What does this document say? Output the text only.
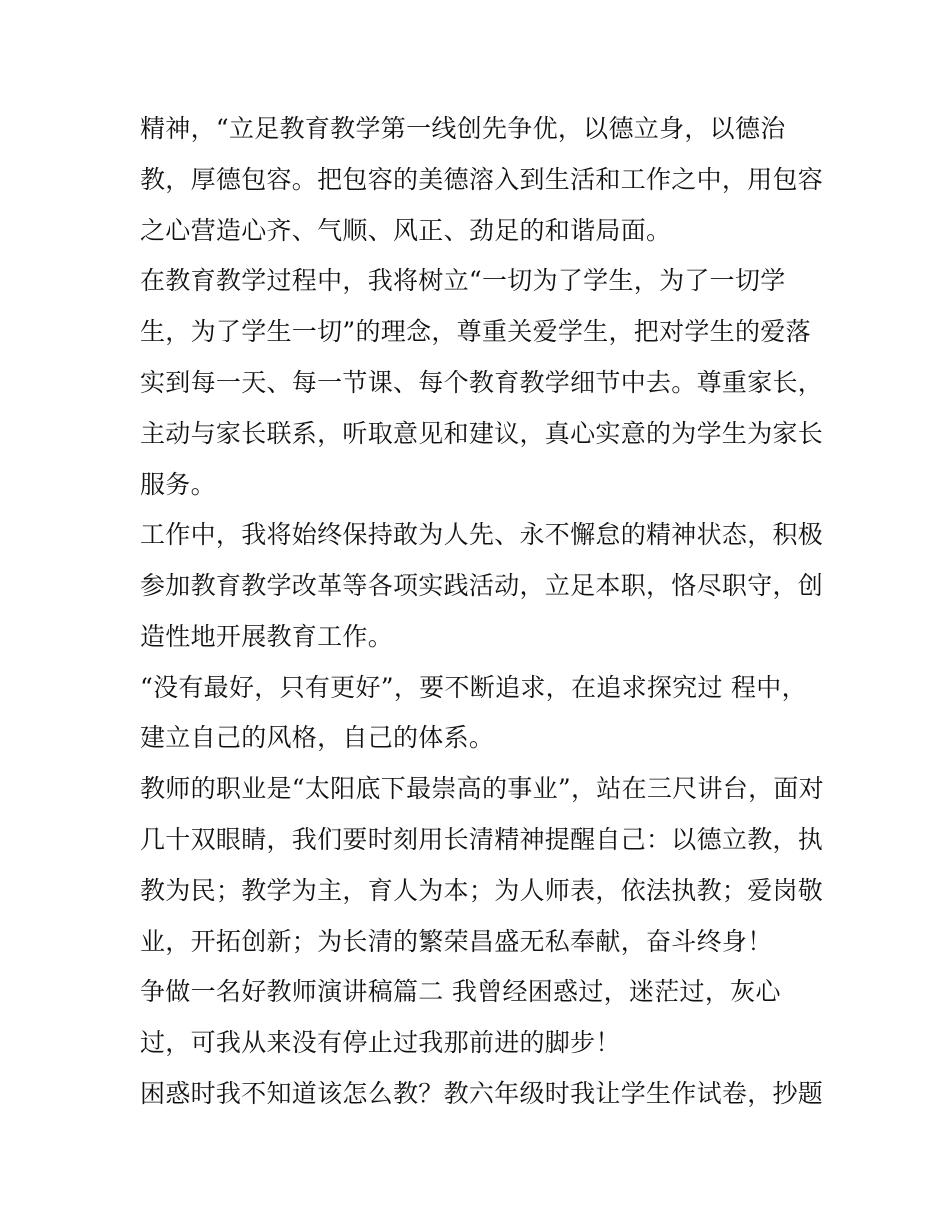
精神，“立足教育教学第一线创先争优，以德立身，以德治
教，厚德包容。把包容的美德溶入到生活和工作之中，用包容
之心营造心齐、气顺、风正、劲足的和谐局面。
在教育教学过程中，我将树立“一切为了学生，为了一切学
生，为了学生一切”的理念，尊重关爱学生，把对学生的爱落
实到每一天、每一节课、每个教育教学细节中去。尊重家长，
主动与家长联系，听取意见和建议，真心实意的为学生为家长
服务。
工作中，我将始终保持敢为人先、永不懈怠的精神状态，积极
参加教育教学改革等各项实践活动，立足本职，恪尽职守，创
造性地开展教育工作。
“没有最好，只有更好”，要不断追求，在追求探究过 程中，
建立自己的风格，自己的体系。
教师的职业是“太阳底下最崇高的事业”，站在三尺讲台，面对
几十双眼睛，我们要时刻用长清精神提醒自己：以德立教，执
教为民；教学为主，育人为本；为人师表，依法执教；爱岗敬
业，开拓创新；为长清的繁荣昌盛无私奉献，奋斗终身！
争做一名好教师演讲稿篇二 我曾经困惑过，迷茫过，灰心
过，可我从来没有停止过我那前进的脚步！
困惑时我不知道该怎么教？教六年级时我让学生作试卷，抄题
